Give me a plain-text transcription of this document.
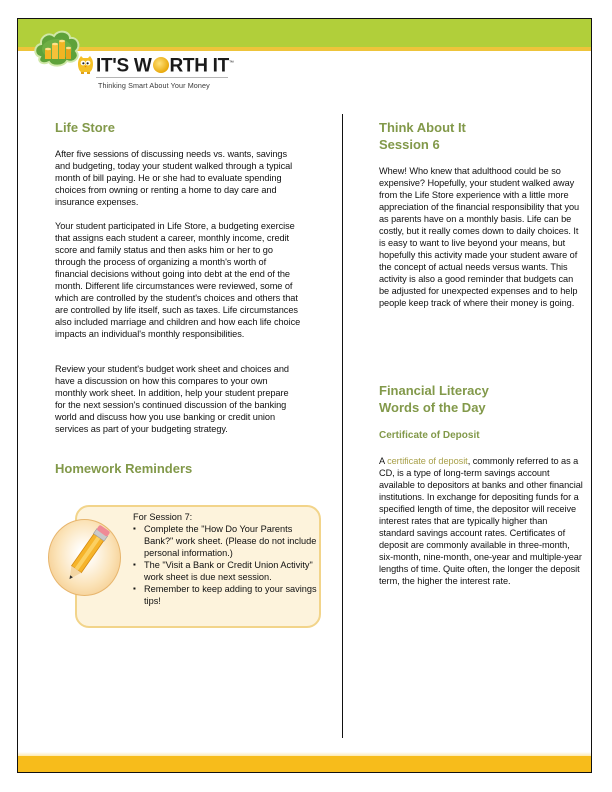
IT'S W RTH IT™
Thinking Smart About Your Money
Life Store

After five sessions of discussing needs vs. wants, savings and budgeting, today your student walked through a typical month of bill paying. He or she had to evaluate spending choices from owning or renting a home to day care and insurance expenses.

Your student participated in Life Store, a budgeting exercise that assigns each student a career, monthly income, credit score and family status and then asks him or her to go through the process of organizing a month's worth of financial decisions without going into debt at the end of the month. Different life circumstances were reviewed, some of which are controlled by the student's choices and others that are controlled by life itself, such as taxes. Life circumstances also included marriage and children and how each life choice impacts an individual's monthly responsibilities.

Review your student's budget work sheet and choices and have a discussion on how this compares to your own monthly work sheet. In addition, help your student prepare for the next session's continued discussion of the banking world and discuss how you use banking or credit union services as part of your budgeting strategy.

Homework Reminders
For Session 7:
▪ Complete the "How Do Your Parents Bank?" work sheet. (Please do not include personal information.)
▪ The "Visit a Bank or Credit Union Activity" work sheet is due next session.
▪ Remember to keep adding to your savings tips!
Think About It
Session 6

Whew! Who knew that adulthood could be so expensive? Hopefully, your student walked away from the Life Store experience with a little more appreciation of the financial responsibility that you as parents have on a monthly basis. Life can be costly, but it really comes down to daily choices. It is easy to want to live beyond your means, but hopefully this activity made your student aware of the concept of actual needs versus wants. This activity is also a good reminder that budgets can be adjusted for unexpected expenses and to help people keep track of where their money is going.

Financial Literacy
Words of the Day
Certificate of Deposit

A certificate of deposit, commonly referred to as a CD, is a type of long-term savings account available to depositors at banks and other financial institutions. In exchange for depositing funds for a specified length of time, the depositor will receive interest rates that are typically higher than standard savings account rates. Certificates of deposit are commonly available in three-month, six-month, nine-month, one-year and multiple-year lengths of time. Quite often, the longer the deposit term, the higher the interest rate.
